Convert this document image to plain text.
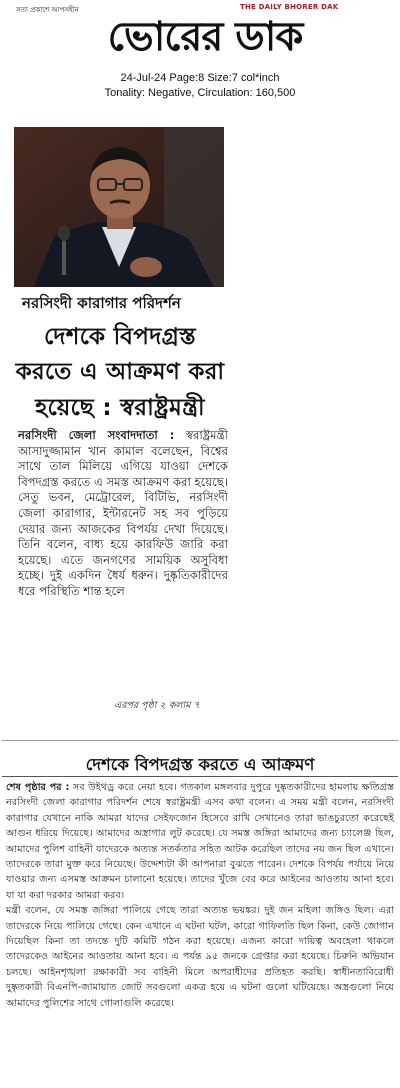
সত্য প্রকাশে আপসহীন	THE DAILY BHORER DAK
ভোরের ডাক
24-Jul-24 Page:8 Size:7 col*inch
Tonality: Negative, Circulation: 160,500
নরসিংদী কারাগার পরিদর্শন
দেশকে বিপদগ্রস্ত
করতে এ আক্রমণ করা
হয়েছে : স্বরাষ্ট্রমন্ত্রী
নরসিংদী জেলা সংবাদদাতা : স্বরাষ্ট্রমন্ত্রী আসাদুজ্জামান খান কামাল বলেছেন, বিশ্বের সাথে তাল মিলিয়ে এগিয়ে যাওয়া দেশকে বিপদগ্রস্ত করতে এ সমস্ত আক্রমণ করা হয়েছে। সেতু ভবন, মেট্রোরেল, বিটিভি, নরসিংদী জেলা কারাগার, ইন্টারনেট সহ সব পুড়িয়ে দেয়ার জন্য আজকের বিপর্যয় দেখা দিয়েছে। তিনি বলেন, বাধ্য হয়ে কারফিউ জারি করা হয়েছে। এতে জনগণের সাময়িক অসুবিধা হচ্ছে। দুই একদিন ধৈর্য ধরুন। দুষ্কৃতিকারীদের ধরে পরিস্থিতি শান্ত হলে
এরপর পৃষ্ঠা ২ কলাম ৭
দেশকে বিপদগ্রস্ত করতে এ আক্রমণ

শেষ পৃষ্ঠার পর : সব উইথড্র করে নেয়া হবে। গতকাল মঙ্গলবার দুপুরে দুষ্কৃতকারীদের হামলায় ক্ষতিগ্রস্ত নরসিংদী জেলা কারাগার পরিদর্শন শেষে স্বরাষ্ট্রমন্ত্রী এসব কথা বলেন। এ সময় মন্ত্রী বলেন, নরসিংদী কারাগার যেখানে নাকি আমরা যাদের সেইফজোন হিসেবে রাখি সেখানেও তারা ভাঙচুরতো করেছেই আগুন ধরিয়ে দিয়েছে। আমাদের অস্ত্রাগার লুট করেছে। যে সমস্ত জঙ্গিরা আমাদের জন্য চ্যালেঞ্জ ছিল, আমাদের পুলিশ বাহিনী যাদেরকে অত্যন্ত সতর্কতার সহিত আটক করেছিল তাদের নয় জন ছিল এখানে। তাদেরকে তারা মুক্ত করে নিয়েছে। উদ্দেশ্যটা কী আপনারা বুঝতে পারেন। দেশকে বিপর্যয় পর্যায়ে নিয়ে যাওয়ার জন্য এসমস্ত আক্রমন চালানো হয়েছে। তাদের খুঁজে বের করে আইনের আওতায় আনা হবে। যা যা করা দরকার আমরা করব।

মন্ত্রী বলেন, যে সমস্ত জঙ্গিরা পালিয়ে গেছে তারা অত্যন্ত ভয়ঙ্কর। দুই জন মহিলা জঙ্গিও ছিল। এরা তাদেরকে নিয়ে পালিয়ে গেছে। কেন এখানে এ ঘটনা ঘটল, কারো গাফিলতি ছিল কিনা, কেউ জোগান দিয়েছিল কিনা তা তদন্তে দুটি কমিটি গঠন করা হয়েছে। এজন্য কারো দায়িত্ব অবহেলা থাকলে তাদেরকেও আইনের আওতায় আনা হবে। এ পর্যন্ত ৯৫ জনকে গ্রেপ্তার করা হয়েছে। চিরুনি অভিযান চলছে। আইনশৃঙ্খলা রক্ষাকারী সব বাহিনী মিলে অপরাধীদের প্রতিহত করছি। স্বাধীনতাবিরোধী দুষ্কৃতকারী বিএনপি-জামায়াত জোট সবগুলো একত্র হয়ে এ ঘটনা গুলো ঘটিয়েছে। অস্ত্রগুলো নিয়ে আমাদের পুলিশের সাথে গোলাগুলি করেছে।
